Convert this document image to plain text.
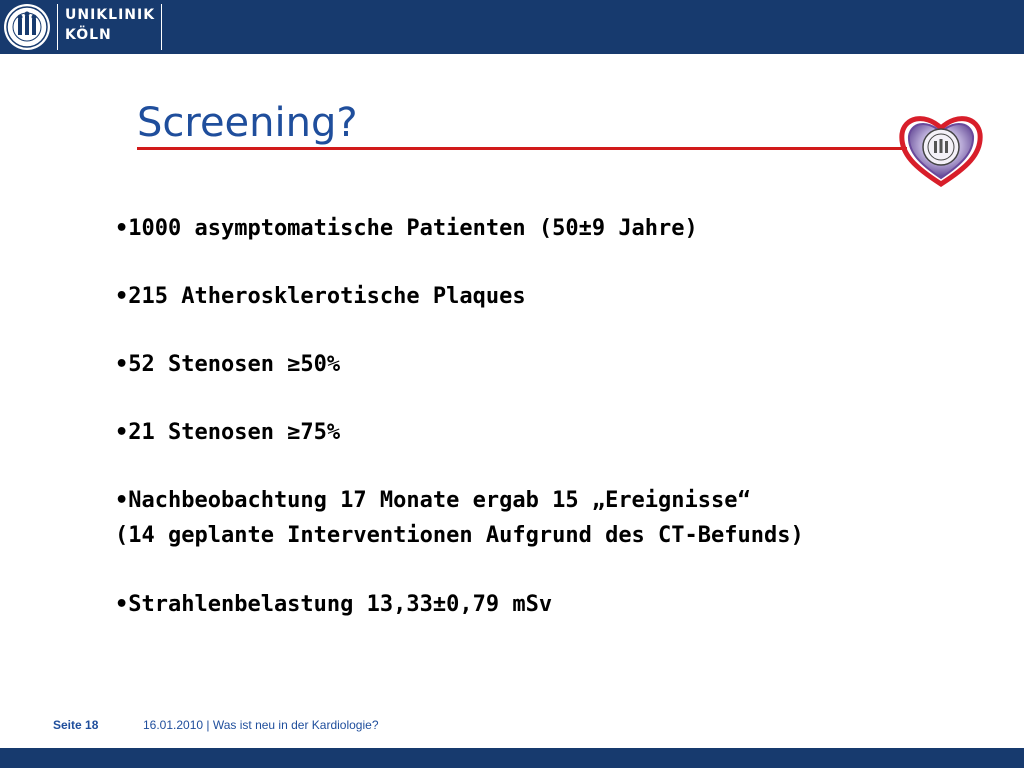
UNIKLINIK
KÖLN
Screening?
•1000 asymptomatische Patienten (50±9 Jahre)
•215 Atherosklerotische Plaques
•52 Stenosen ≥50%
•21 Stenosen ≥75%
•Nachbeobachtung 17 Monate ergab 15 „Ereignisse“
(14 geplante Interventionen Aufgrund des CT-Befunds)
•Strahlenbelastung 13,33±0,79 mSv
Seite 18	16.01.2010 | Was ist neu in der Kardiologie?
